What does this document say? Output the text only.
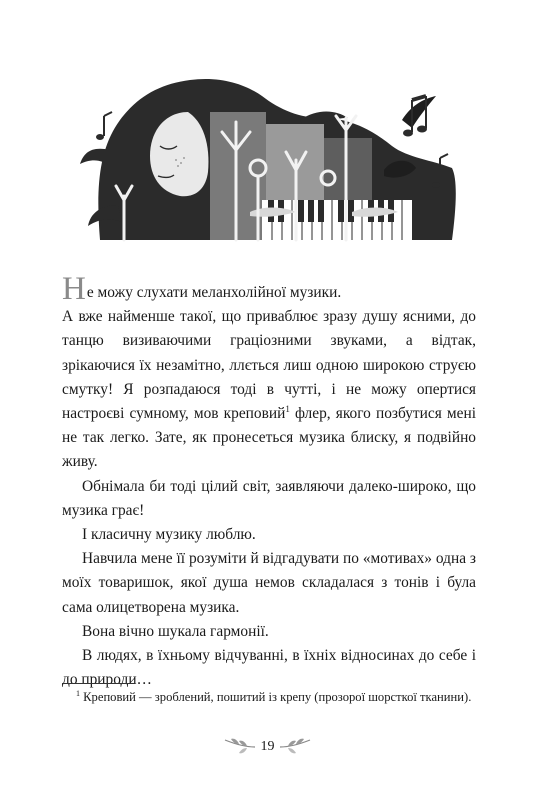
Не можу слухати меланхолійної музики.

А вже найменше такої, що приваблює зразу душу ясними, до танцю визиваючими граціозними звуками, а відтак, зрікаючися їх незамітно, ллється лиш одною широкою струєю смутку! Я розпадаюся тоді в чутті, і не можу опертися настроєві сумному, мов креповий$^1$ флер, якого позбутися мені не так легко. Зате, як пронесеться музика блиску, я подвійно живу.

Обнімала би тоді цілий світ, заявляючи далеко-широко, що музика грає!

І класичну музику люблю.

Навчила мене її розуміти й відгадувати по «мотивах» одна з моїх товаришок, якої душа немов складалася з тонів і була сама олицетворена музика.

Вона вічно шукала гармонії.

В людях, в їхньому відчуванні, в їхніх відносинах до себе і до природи…

$^1$ Креповий — зроблений, пошитий із крепу (прозорої шорсткої тканини).
19
